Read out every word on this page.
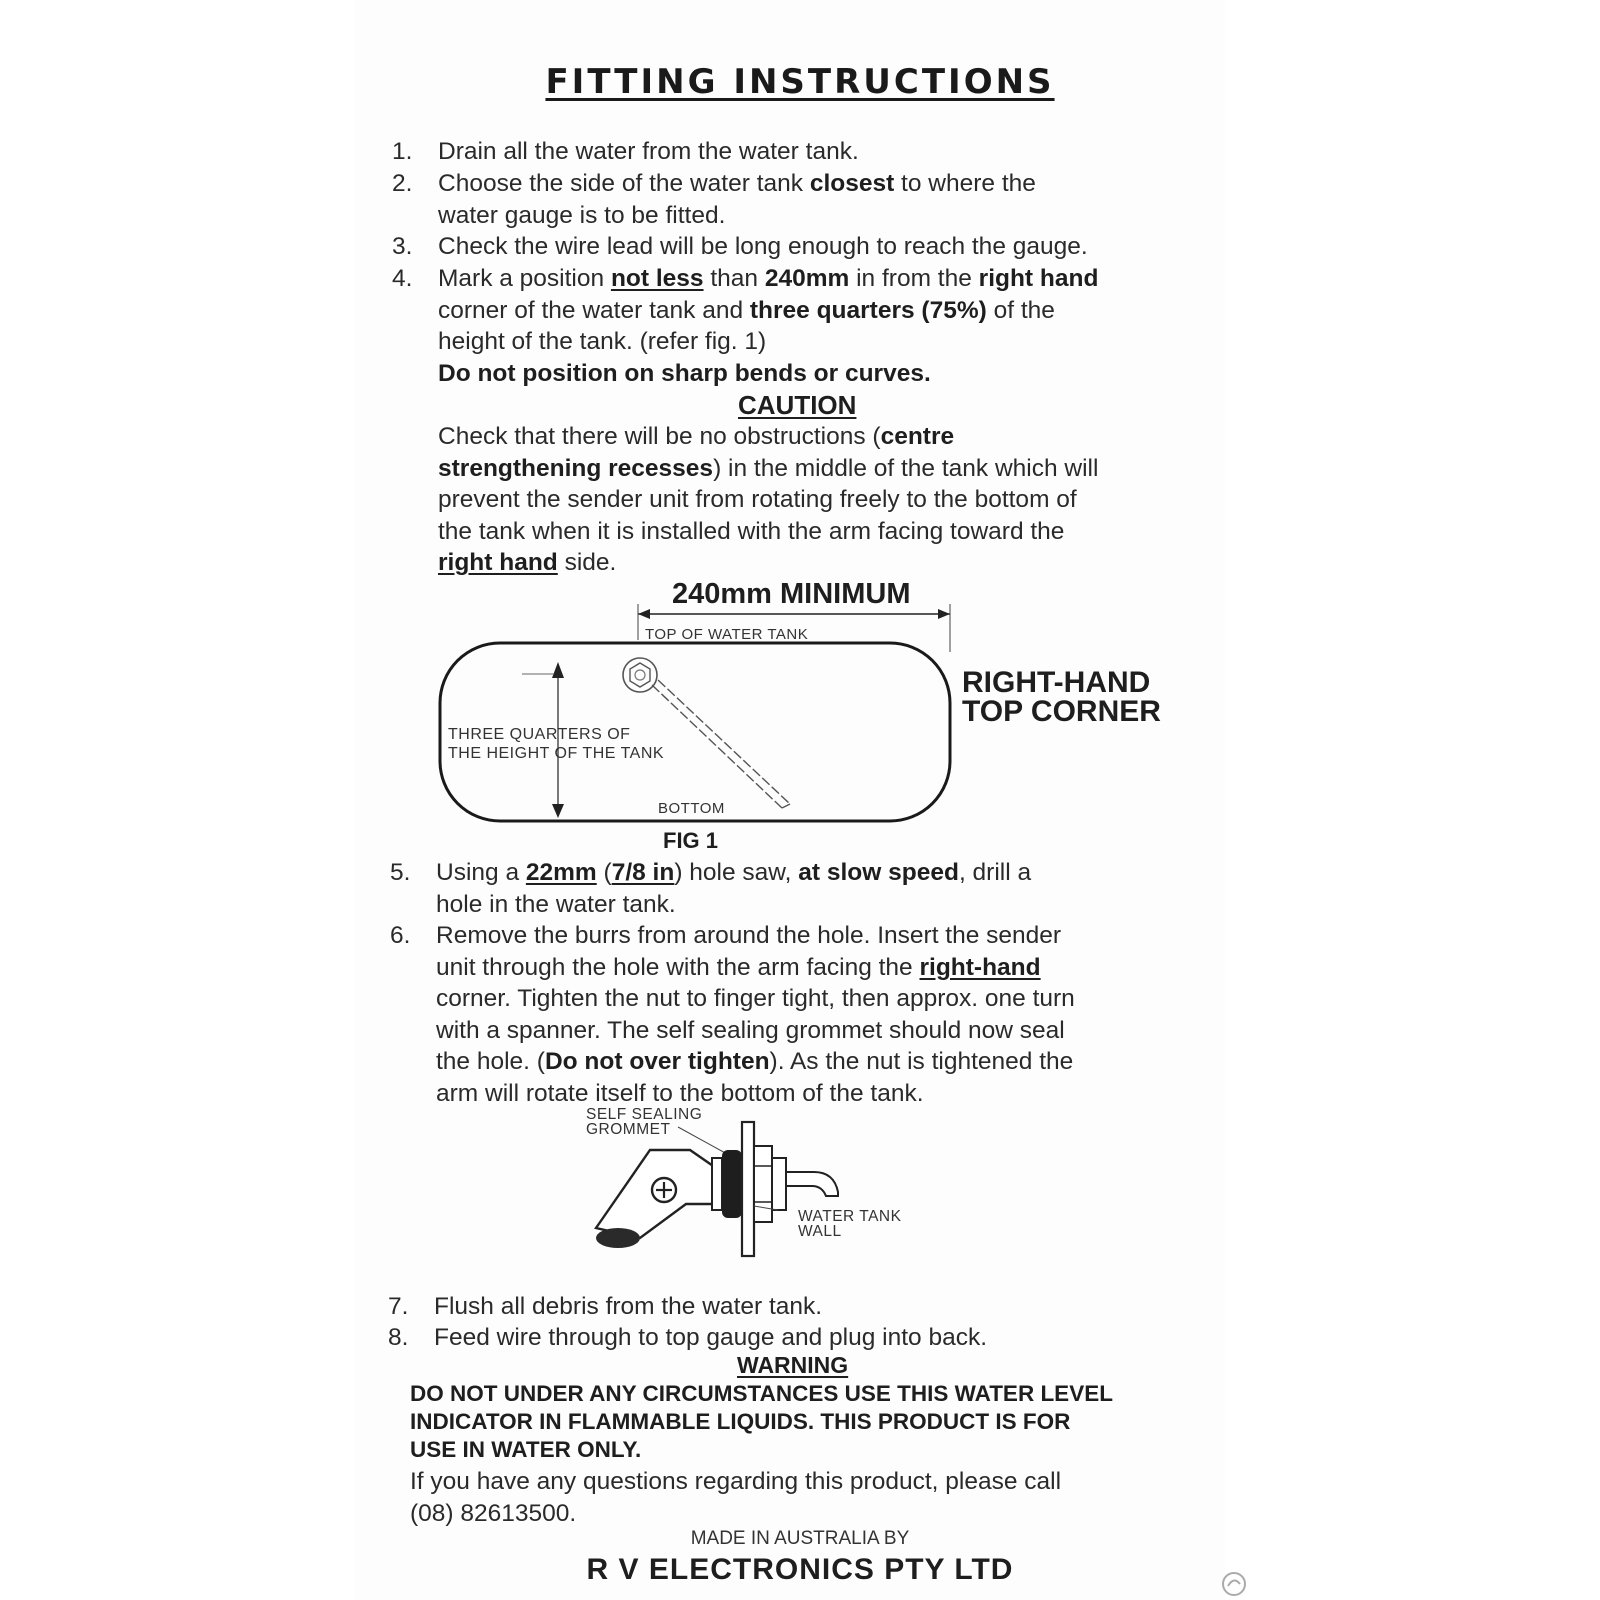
FITTING INSTRUCTIONS
1. Drain all the water from the water tank.
2. Choose the side of the water tank closest to where the
water gauge is to be fitted.
3. Check the wire lead will be long enough to reach the gauge.
4. Mark a position not less than 240mm in from the right hand
corner of the water tank and three quarters (75%) of the
height of the tank. (refer fig. 1)
Do not position on sharp bends or curves.
CAUTION
Check that there will be no obstructions (centre
strengthening recesses) in the middle of the tank which will
prevent the sender unit from rotating freely to the bottom of
the tank when it is installed with the arm facing toward the
right hand side.
240mm MINIMUM
TOP OF WATER TANK
RIGHT-HAND
TOP CORNER
THREE QUARTERS OF
THE HEIGHT OF THE TANK
BOTTOM
FIG 1
5. Using a 22mm (7/8 in) hole saw, at slow speed, drill a
hole in the water tank.
6. Remove the burrs from around the hole. Insert the sender
unit through the hole with the arm facing the right-hand
corner. Tighten the nut to finger tight, then approx. one turn
with a spanner. The self sealing grommet should now seal
the hole. (Do not over tighten). As the nut is tightened the
arm will rotate itself to the bottom of the tank.
SELF SEALING
GROMMET
WATER TANK
WALL
7. Flush all debris from the water tank.
8. Feed wire through to top gauge and plug into back.
WARNING
DO NOT UNDER ANY CIRCUMSTANCES USE THIS WATER LEVEL
INDICATOR IN FLAMMABLE LIQUIDS. THIS PRODUCT IS FOR
USE IN WATER ONLY.
If you have any questions regarding this product, please call
(08) 82613500.
MADE IN AUSTRALIA BY
R V ELECTRONICS PTY LTD
